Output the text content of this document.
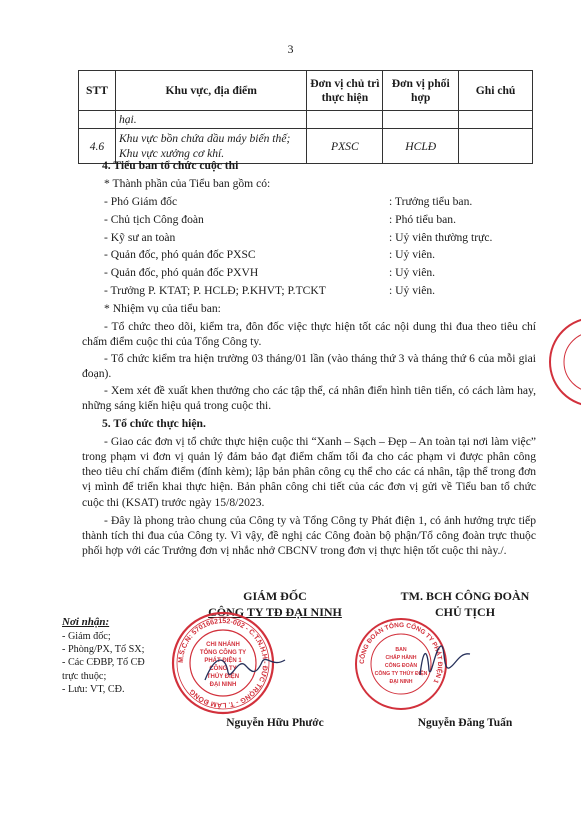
3
STT	Khu vực, địa điểm	Đơn vị chủ trì thực hiện	Đơn vị phối hợp	Ghi chú
	hại.			
4.6	Khu vực bồn chứa dầu máy biến thế; Khu vực xưởng cơ khí.	PXSC	HCLĐ	
4. Tiểu ban tổ chức cuộc thi
* Thành phần của Tiểu ban gồm có:
- Phó Giám đốc	: Trưởng tiểu ban.
- Chủ tịch Công đoàn	: Phó tiểu ban.
- Kỹ sư an toàn	: Uỷ viên thường trực.
- Quản đốc, phó quản đốc PXSC	: Uỷ viên.
- Quản đốc, phó quản đốc PXVH	: Uỷ viên.
- Trưởng P. KTAT; P. HCLĐ; P.KHVT; P.TCKT	: Uỷ viên.
* Nhiệm vụ của tiểu ban:
- Tổ chức theo dõi, kiểm tra, đôn đốc việc thực hiện tốt các nội dung thi đua theo tiêu chí chấm điểm cuộc thi của Tổng Công ty.
- Tổ chức kiểm tra hiện trường 03 tháng/01 lần (vào tháng thứ 3 và tháng thứ 6 của mỗi giai đoạn).
- Xem xét đề xuất khen thưởng cho các tập thể, cá nhân điển hình tiên tiến, có cách làm hay, những sáng kiến hiệu quả trong cuộc thi.
5. Tổ chức thực hiện.
- Giao các đơn vị tổ chức thực hiện cuộc thi “Xanh – Sạch – Đẹp – An toàn tại nơi làm việc” trong phạm vi đơn vị quản lý đảm bảo đạt điểm chấm tối đa cho các phạm vi được phân công theo tiêu chí chấm điểm (đính kèm); lập bản phân công cụ thể cho các cá nhân, tập thể trong đơn vị mình để triển khai thực hiện. Bản phân công chi tiết của các đơn vị gửi về Tiểu ban tổ chức cuộc thi (KSAT) trước ngày 15/8/2023.
- Đây là phong trào chung của Công ty và Tổng Công ty Phát điện 1, có ảnh hưởng trực tiếp thành tích thi đua của Công ty. Vì vậy, đề nghị các Công đoàn bộ phận/Tổ công đoàn trực thuộc phối hợp với các Trưởng đơn vị nhắc nhở CBCNV trong đơn vị thực hiện tốt cuộc thi này./.
GIÁM ĐỐC
CÔNG TY TĐ ĐẠI NINH
TM. BCH CÔNG ĐOÀN
CHỦ TỊCH
Nơi nhận:
- Giám đốc;
- Phòng/PX, Tổ SX;
- Các CĐBP, Tổ CĐ
trực thuộc;
- Lưu: VT, CĐ.
M.S.C.N: 5701662152-002 - C.T.N.H.H - ĐỨC TRỌNG - T. LÂM ĐỒNG
CHI NHÁNH
TỔNG CÔNG TY
PHÁT ĐIỆN 1
CÔNG TY
THỦY ĐIỆN
ĐẠI NINH
CÔNG ĐOÀN TỔNG CÔNG TY PHÁT ĐIỆN 1
BAN
CHẤP HÀNH
CÔNG ĐOÀN
CÔNG TY THỦY ĐIỆN
ĐẠI NINH
Nguyễn Hữu Phước	Nguyễn Đăng Tuấn
